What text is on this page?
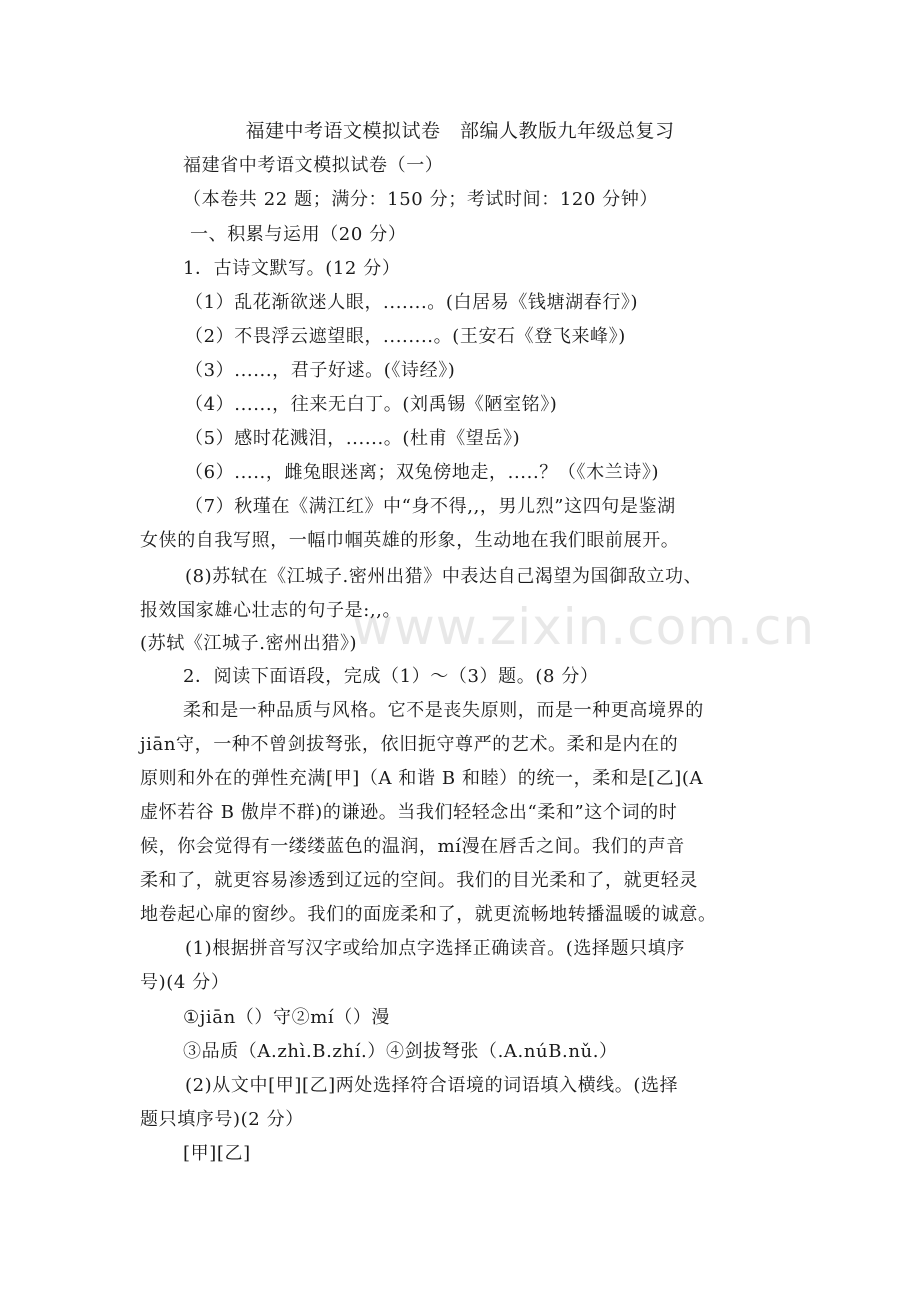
福建中考语文模拟试卷　部编人教版九年级总复习
福建省中考语文模拟试卷（一）
（本卷共 22 题；满分：150 分；考试时间：120 分钟）
一、积累与运用（20 分）
1．古诗文默写。(12 分）
（1）乱花渐欲迷人眼，.......。(白居易《钱塘湖春行》)
（2）不畏浮云遮望眼，........。(王安石《登飞来峰》)
（3）......，君子好逑。(《诗经》)
（4）......，往来无白丁。(刘禹锡《陋室铭》)
（5）感时花溅泪，......。(杜甫《望岳》)
（6）.....，雌兔眼迷离；双兔傍地走，.....？（《木兰诗》)
（7）秋瑾在《满江红》中“身不得,,，男儿烈”这四句是鉴湖
女侠的自我写照，一幅巾帼英雄的形象，生动地在我们眼前展开。
(8)苏轼在《江城子.密州出猎》中表达自己渴望为国御敌立功、
报效国家雄心壮志的句子是:,,。
(苏轼《江城子.密州出猎》)
2．阅读下面语段，完成（1）～（3）题。(8 分）
柔和是一种品质与风格。它不是丧失原则，而是一种更高境界的
jiān守，一种不曾剑拔弩张，依旧扼守尊严的艺术。柔和是内在的
原则和外在的弹性充满[甲]（A 和谐 B 和睦）的统一，柔和是[乙](A
虚怀若谷 B 傲岸不群)的谦逊。当我们轻轻念出“柔和”这个词的时
候，你会觉得有一缕缕蓝色的温润，mí漫在唇舌之间。我们的声音
柔和了，就更容易渗透到辽远的空间。我们的目光柔和了，就更轻灵
地卷起心扉的窗纱。我们的面庞柔和了，就更流畅地转播温暖的诚意。
(1)根据拼音写汉字或给加点字选择正确读音。(选择题只填序
号)(4 分）
①jiān（）守②mí（）漫
③品质（A.zhì.B.zhí.）④剑拔弩张（.A.núB.nǔ.）
(2)从文中[甲][乙]两处选择符合语境的词语填入横线。(选择
题只填序号)(2 分）
[甲][乙]
www.zixin.com.cn
